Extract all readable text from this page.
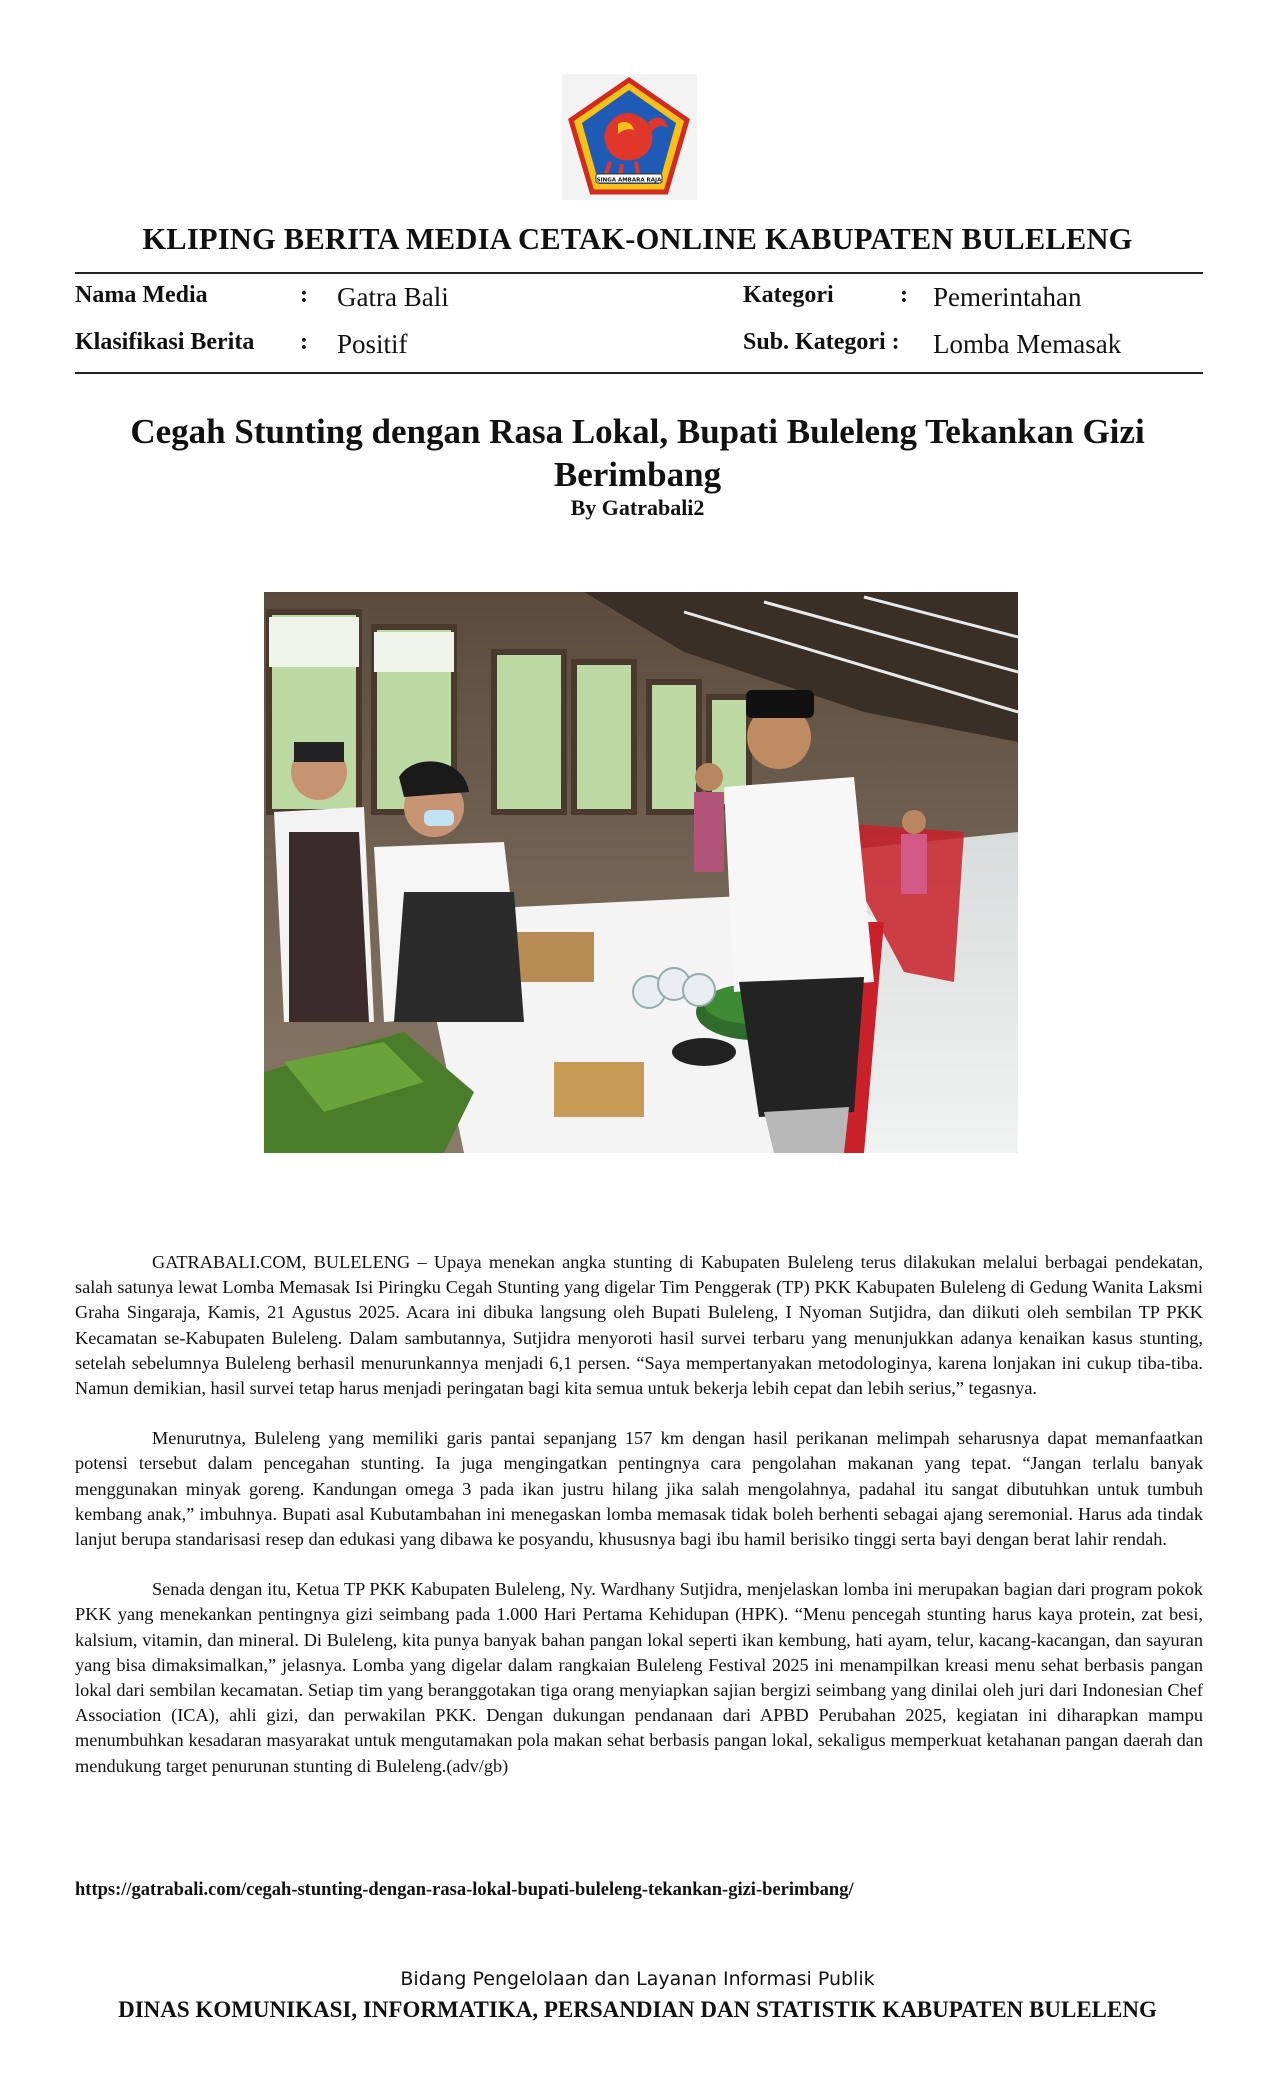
SINGA AMBARA RAJA
KLIPING BERITA MEDIA CETAK-ONLINE KABUPATEN BULELENG
Nama Media	: Gatra Bali	Kategori	: Pemerintahan
Klasifikasi Berita : Positif	Sub. Kategori : Lomba Memasak
Cegah Stunting dengan Rasa Lokal, Bupati Buleleng Tekankan Gizi Berimbang
By Gatrabali2

GATRABALI.COM, BULELENG – Upaya menekan angka stunting di Kabupaten Buleleng terus dilakukan melalui berbagai pendekatan, salah satunya lewat Lomba Memasak Isi Piringku Cegah Stunting yang digelar Tim Penggerak (TP) PKK Kabupaten Buleleng di Gedung Wanita Laksmi Graha Singaraja, Kamis, 21 Agustus 2025. Acara ini dibuka langsung oleh Bupati Buleleng, I Nyoman Sutjidra, dan diikuti oleh sembilan TP PKK Kecamatan se-Kabupaten Buleleng. Dalam sambutannya, Sutjidra menyoroti hasil survei terbaru yang menunjukkan adanya kenaikan kasus stunting, setelah sebelumnya Buleleng berhasil menurunkannya menjadi 6,1 persen. “Saya mempertanyakan metodologinya, karena lonjakan ini cukup tiba-tiba. Namun demikian, hasil survei tetap harus menjadi peringatan bagi kita semua untuk bekerja lebih cepat dan lebih serius,” tegasnya.

Menurutnya, Buleleng yang memiliki garis pantai sepanjang 157 km dengan hasil perikanan melimpah seharusnya dapat memanfaatkan potensi tersebut dalam pencegahan stunting. Ia juga mengingatkan pentingnya cara pengolahan makanan yang tepat. “Jangan terlalu banyak menggunakan minyak goreng. Kandungan omega 3 pada ikan justru hilang jika salah mengolahnya, padahal itu sangat dibutuhkan untuk tumbuh kembang anak,” imbuhnya. Bupati asal Kubutambahan ini menegaskan lomba memasak tidak boleh berhenti sebagai ajang seremonial. Harus ada tindak lanjut berupa standarisasi resep dan edukasi yang dibawa ke posyandu, khususnya bagi ibu hamil berisiko tinggi serta bayi dengan berat lahir rendah.

Senada dengan itu, Ketua TP PKK Kabupaten Buleleng, Ny. Wardhany Sutjidra, menjelaskan lomba ini merupakan bagian dari program pokok PKK yang menekankan pentingnya gizi seimbang pada 1.000 Hari Pertama Kehidupan (HPK). “Menu pencegah stunting harus kaya protein, zat besi, kalsium, vitamin, dan mineral. Di Buleleng, kita punya banyak bahan pangan lokal seperti ikan kembung, hati ayam, telur, kacang-kacangan, dan sayuran yang bisa dimaksimalkan,” jelasnya. Lomba yang digelar dalam rangkaian Buleleng Festival 2025 ini menampilkan kreasi menu sehat berbasis pangan lokal dari sembilan kecamatan. Setiap tim yang beranggotakan tiga orang menyiapkan sajian bergizi seimbang yang dinilai oleh juri dari Indonesian Chef Association (ICA), ahli gizi, dan perwakilan PKK. Dengan dukungan pendanaan dari APBD Perubahan 2025, kegiatan ini diharapkan mampu menumbuhkan kesadaran masyarakat untuk mengutamakan pola makan sehat berbasis pangan lokal, sekaligus memperkuat ketahanan pangan daerah dan mendukung target penurunan stunting di Buleleng.(adv/gb)

https://gatrabali.com/cegah-stunting-dengan-rasa-lokal-bupati-buleleng-tekankan-gizi-berimbang/
Bidang Pengelolaan dan Layanan Informasi Publik
DINAS KOMUNIKASI, INFORMATIKA, PERSANDIAN DAN STATISTIK KABUPATEN BULELENG
